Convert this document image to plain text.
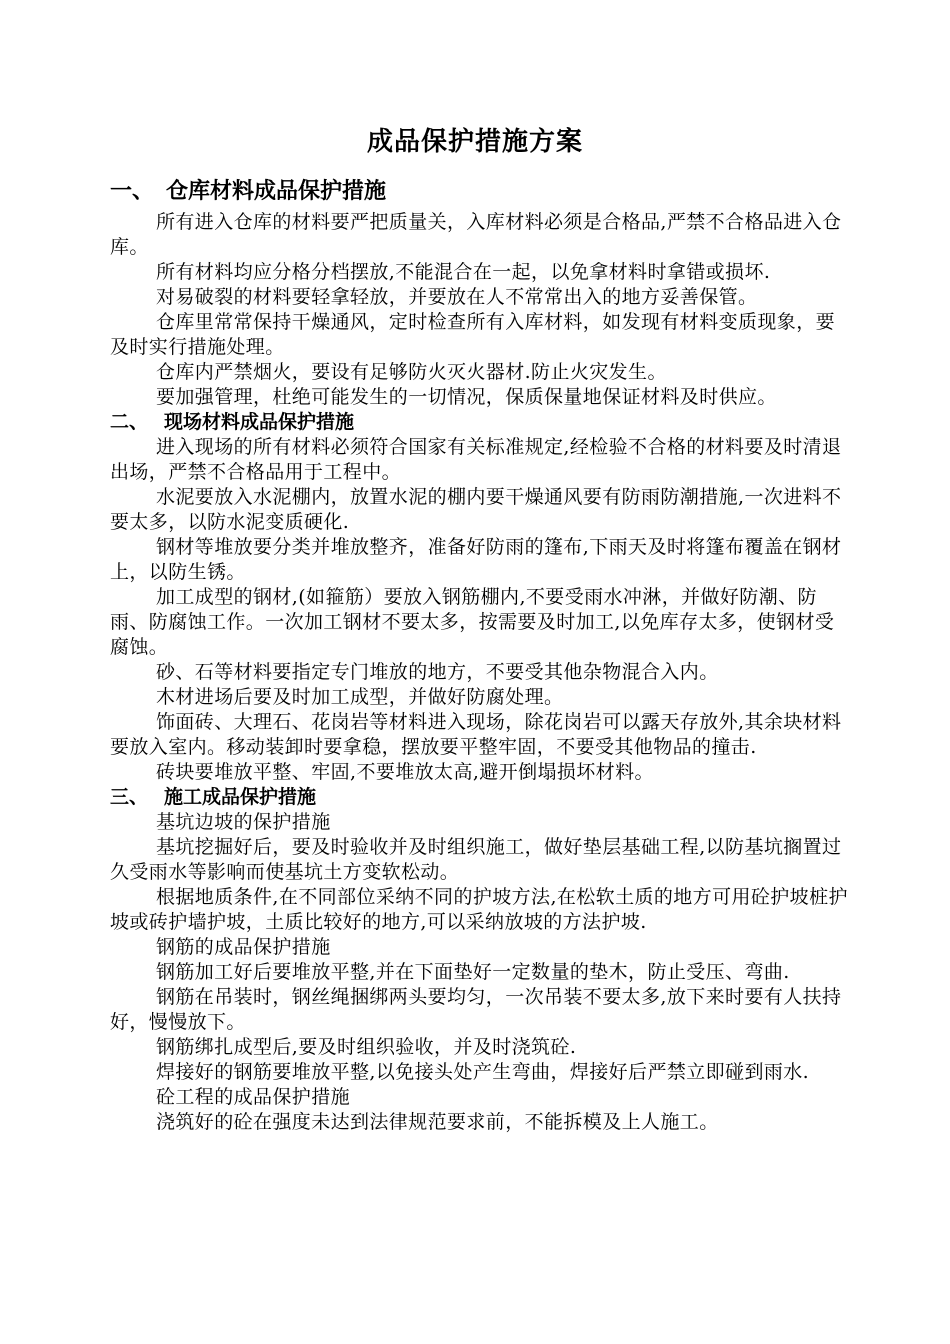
成品保护措施方案
一、 仓库材料成品保护措施

所有进入仓库的材料要严把质量关，入库材料必须是合格品,严禁不合格品进入仓库。

所有材料均应分格分档摆放,不能混合在一起，以免拿材料时拿错或损坏.

对易破裂的材料要轻拿轻放，并要放在人不常常出入的地方妥善保管。

仓库里常常保持干燥通风，定时检查所有入库材料，如发现有材料变质现象，要及时实行措施处理。

仓库内严禁烟火，要设有足够防火灭火器材.防止火灾发生。

要加强管理，杜绝可能发生的一切情况，保质保量地保证材料及时供应。

二、 现场材料成品保护措施

进入现场的所有材料必须符合国家有关标准规定,经检验不合格的材料要及时清退出场，严禁不合格品用于工程中。

水泥要放入水泥棚内，放置水泥的棚内要干燥通风要有防雨防潮措施,一次进料不要太多，以防水泥变质硬化.

钢材等堆放要分类并堆放整齐，准备好防雨的篷布,下雨天及时将篷布覆盖在钢材上，以防生锈。

加工成型的钢材,(如箍筋）要放入钢筋棚内,不要受雨水冲淋，并做好防潮、防雨、防腐蚀工作。一次加工钢材不要太多，按需要及时加工,以免库存太多，使钢材受腐蚀。

砂、石等材料要指定专门堆放的地方，不要受其他杂物混合入内。

木材进场后要及时加工成型，并做好防腐处理。

饰面砖、大理石、花岗岩等材料进入现场，除花岗岩可以露天存放外,其余块材料要放入室内。移动装卸时要拿稳，摆放要平整牢固，不要受其他物品的撞击.

砖块要堆放平整、牢固,不要堆放太高,避开倒塌损坏材料。

三、 施工成品保护措施

基坑边坡的保护措施

基坑挖掘好后，要及时验收并及时组织施工，做好垫层基础工程,以防基坑搁置过久受雨水等影响而使基坑土方变软松动。

根据地质条件,在不同部位采纳不同的护坡方法,在松软土质的地方可用砼护坡桩护坡或砖护墙护坡，土质比较好的地方,可以采纳放坡的方法护坡.

钢筋的成品保护措施

钢筋加工好后要堆放平整,并在下面垫好一定数量的垫木，防止受压、弯曲.

钢筋在吊装时，钢丝绳捆绑两头要均匀，一次吊装不要太多,放下来时要有人扶持好，慢慢放下。

钢筋绑扎成型后,要及时组织验收，并及时浇筑砼.

焊接好的钢筋要堆放平整,以免接头处产生弯曲，焊接好后严禁立即碰到雨水.

砼工程的成品保护措施

浇筑好的砼在强度未达到法律规范要求前，不能拆模及上人施工。
